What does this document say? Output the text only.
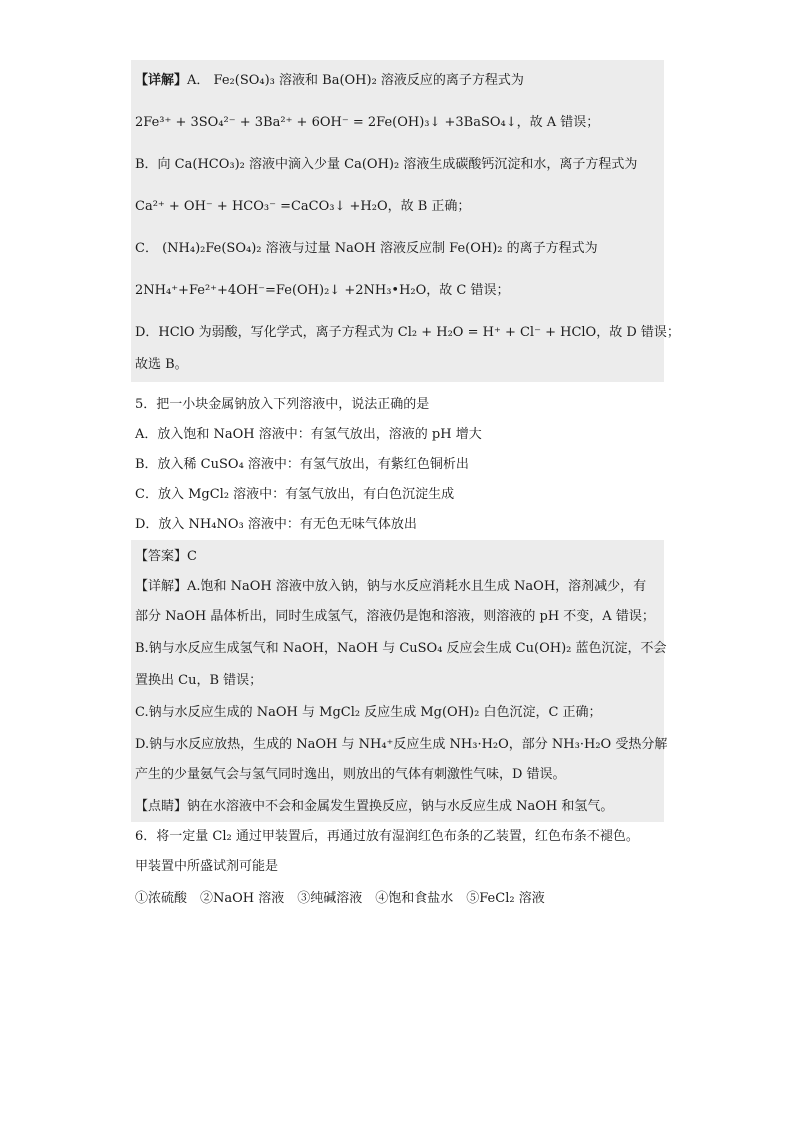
【详解】A． Fe₂(SO₄)₃ 溶液和 Ba(OH)₂ 溶液反应的离子方程式为
2Fe³⁺ + 3SO₄²⁻ + 3Ba²⁺ + 6OH⁻ = 2Fe(OH)₃↓ +3BaSO₄↓，故 A 错误；
B．向 Ca(HCO₃)₂ 溶液中滴入少量 Ca(OH)₂ 溶液生成碳酸钙沉淀和水，离子方程式为
Ca²⁺ + OH⁻ + HCO₃⁻ =CaCO₃↓ +H₂O，故 B 正确；
C． (NH₄)₂Fe(SO₄)₂ 溶液与过量 NaOH 溶液反应制 Fe(OH)₂ 的离子方程式为
2NH₄⁺+Fe²⁺+4OH⁻=Fe(OH)₂↓ +2NH₃•H₂O，故 C 错误；
D．HClO 为弱酸，写化学式，离子方程式为 Cl₂ + H₂O = H⁺ + Cl⁻ + HClO，故 D 错误；
故选 B。
5．把一小块金属钠放入下列溶液中，说法正确的是
A．放入饱和 NaOH 溶液中：有氢气放出，溶液的 pH 增大
B．放入稀 CuSO₄ 溶液中：有氢气放出，有紫红色铜析出
C．放入 MgCl₂ 溶液中：有氢气放出，有白色沉淀生成
D．放入 NH₄NO₃ 溶液中：有无色无味气体放出
【答案】C
【详解】A.饱和 NaOH 溶液中放入钠，钠与水反应消耗水且生成 NaOH，溶剂减少，有
部分 NaOH 晶体析出，同时生成氢气，溶液仍是饱和溶液，则溶液的 pH 不变，A 错误；
B.钠与水反应生成氢气和 NaOH，NaOH 与 CuSO₄ 反应会生成 Cu(OH)₂ 蓝色沉淀，不会
置换出 Cu，B 错误；
C.钠与水反应生成的 NaOH 与 MgCl₂ 反应生成 Mg(OH)₂ 白色沉淀，C 正确；
D.钠与水反应放热，生成的 NaOH 与 NH₄⁺反应生成 NH₃·H₂O，部分 NH₃·H₂O 受热分解
产生的少量氨气会与氢气同时逸出，则放出的气体有刺激性气味，D 错误。
【点睛】钠在水溶液中不会和金属发生置换反应，钠与水反应生成 NaOH 和氢气。
6．将一定量 Cl₂ 通过甲装置后，再通过放有湿润红色布条的乙装置，红色布条不褪色。
甲装置中所盛试剂可能是
①浓硫酸　②NaOH 溶液　③纯碱溶液　④饱和食盐水　⑤FeCl₂ 溶液
